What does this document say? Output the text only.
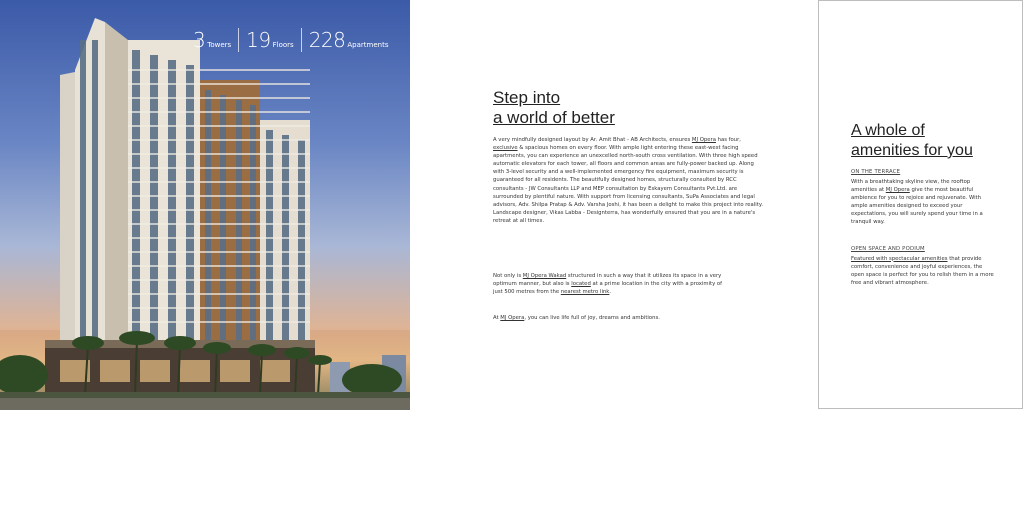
3 Towers 19 Floors 228 Apartments
Step into
a world of better

A very mindfully designed layout by Ar. Amit Bhat - AB Architects, ensures MJ Opera has four, exclusive & spacious homes on every floor. With ample light entering these east-west facing apartments, you can experience an unexcelled north-south cross ventilation. With three high speed automatic elevators for each tower, all floors and common areas are fully-power backed up. Along with 3-level security and a well-implemented emergency fire equipment, maximum security is guaranteed for all residents. The beautifully designed homes, structurally consulted by RCC consultants - JW Consultants LLP and MEP consultation by Eskayem Consultants Pvt.Ltd. are surrounded by plentiful nature. With support from licensing consultants, SuPa Associates and legal advisors, Adv. Shilpa Pratap & Adv. Varsha Joshi, it has been a delight to make this project into reality. Landscape designer, Vikas Labba - Designterra, has wonderfully ensured that you are in a nature's retreat at all times.

Not only is MJ Opera Wakad structured in such a way that it utilizes its space in a very optimum manner, but also is located at a prime location in the city with a proximity of just 500 metres from the nearest metro link.

At MJ Opera, you can live life full of joy, dreams and ambitions.

A whole of
amenities for you

ON THE TERRACE

With a breathtaking skyline view, the rooftop amenities at MJ Opera give the most beautiful ambience for you to rejoice and rejuvenate. With ample amenities designed to exceed your expectations, you will surely spend your time in a tranquil way.

OPEN SPACE AND PODIUM

Featured with spectacular amenities that provide comfort, convenience and joyful experiences, the open space is perfect for you to relish them in a more free and vibrant atmosphere.
